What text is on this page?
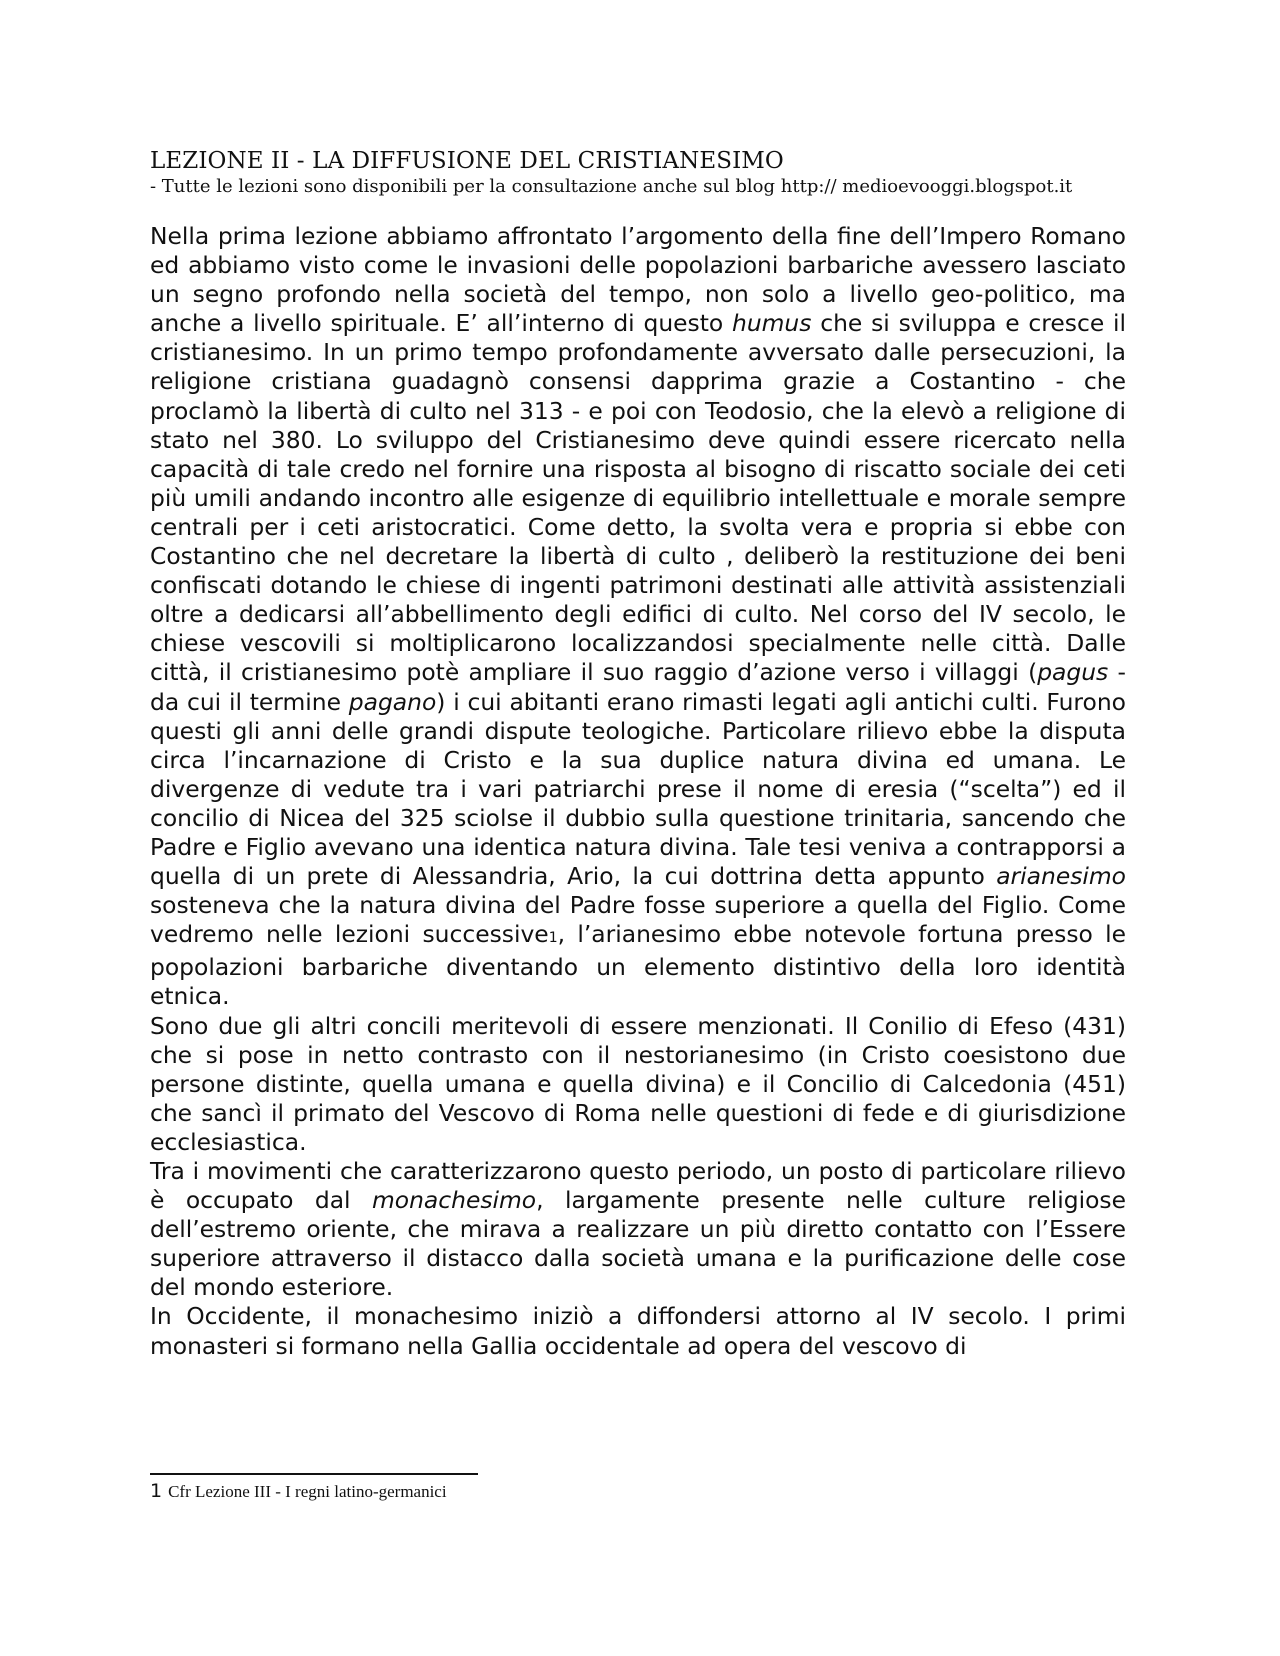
LEZIONE II - LA DIFFUSIONE DEL CRISTIANESIMO

- Tutte le lezioni sono disponibili per la consultazione anche sul blog http:// medioevooggi.blogspot.it

Nella prima lezione abbiamo affrontato l’argomento della fine dell’Impero Romano ed abbiamo visto come le invasioni delle popolazioni barbariche avessero lasciato un segno profondo nella società del tempo, non solo a livello geo-politico, ma anche a livello spirituale. E’ all’interno di questo humus che si sviluppa e cresce il cristianesimo. In un primo tempo profondamente avversato dalle persecuzioni, la religione cristiana guadagnò consensi dapprima grazie a Costantino - che proclamò la libertà di culto nel 313 - e poi con Teodosio, che la elevò a religione di stato nel 380. Lo sviluppo del Cristianesimo deve quindi essere ricercato nella capacità di tale credo nel fornire una risposta al bisogno di riscatto sociale dei ceti più umili andando incontro alle esigenze di equilibrio intellettuale e morale sempre centrali per i ceti aristocratici. Come detto, la svolta vera e propria si ebbe con Costantino che nel decretare la libertà di culto , deliberò la restituzione dei beni confiscati dotando le chiese di ingenti patrimoni destinati alle attività assistenziali oltre a dedicarsi all’abbellimento degli edifici di culto. Nel corso del IV secolo, le chiese vescovili si moltiplicarono localizzandosi specialmente nelle città. Dalle città, il cristianesimo potè ampliare il suo raggio d’azione verso i villaggi (pagus - da cui il termine pagano) i cui abitanti erano rimasti legati agli antichi culti. Furono questi gli anni delle grandi dispute teologiche. Particolare rilievo ebbe la disputa circa l’incarnazione di Cristo e la sua duplice natura divina ed umana. Le divergenze di vedute tra i vari patriarchi prese il nome di eresia (“scelta”) ed il concilio di Nicea del 325 sciolse il dubbio sulla questione trinitaria, sancendo che Padre e Figlio avevano una identica natura divina. Tale tesi veniva a contrapporsi a quella di un prete di Alessandria, Ario, la cui dottrina detta appunto arianesimo sosteneva che la natura divina del Padre fosse superiore a quella del Figlio. Come vedremo nelle lezioni successive1, l’arianesimo ebbe notevole fortuna presso le popolazioni barbariche diventando un elemento distintivo della loro identità etnica.

Sono due gli altri concili meritevoli di essere menzionati. Il Conilio di Efeso (431) che si pose in netto contrasto con il nestorianesimo (in Cristo coesistono due persone distinte, quella umana e quella divina) e il Concilio di Calcedonia (451) che sancì il primato del Vescovo di Roma nelle questioni di fede e di giurisdizione ecclesiastica.

Tra i movimenti che caratterizzarono questo periodo, un posto di particolare rilievo è occupato dal monachesimo, largamente presente nelle culture religiose dell’estremo oriente, che mirava a realizzare un più diretto contatto con l’Essere superiore attraverso il distacco dalla società umana e la purificazione delle cose del mondo esteriore.

In Occidente, il monachesimo iniziò a diffondersi attorno al IV secolo. I primi monasteri si formano nella Gallia occidentale ad opera del vescovo di

1 Cfr Lezione III - I regni latino-germanici
